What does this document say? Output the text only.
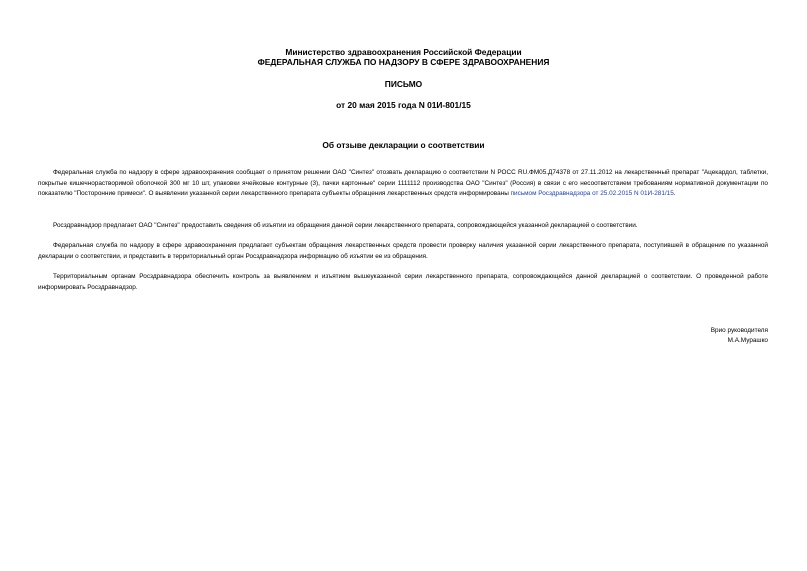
Министерство здравоохранения Российской Федерации
ФЕДЕРАЛЬНАЯ СЛУЖБА ПО НАДЗОРУ В СФЕРЕ ЗДРАВООХРАНЕНИЯ
ПИСЬМО
от 20 мая 2015 года N 01И-801/15
Об отзыве декларации о соответствии
Федеральная служба по надзору в сфере здравоохранения сообщает о принятом решении ОАО "Синтез" отозвать декларацию о соответствии N РОСС RU.ФМ05.Д74378 от 27.11.2012 на лекарственный препарат "Ацекардол, таблетки, покрытые кишечнорастворимой оболочкой 300 мг 10 шт, упаковки ячейковые контурные (3), пачки картонные" серии 1111112 производства ОАО "Синтез" (Россия) в связи с его несоответствием требованиям нормативной документации по показателю "Посторонние примеси". О выявлении указанной серии лекарственного препарата субъекты обращения лекарственных средств информированы письмом Росздравнадзора от 25.02.2015 N 01И-281/15.
Росздравнадзор предлагает ОАО "Синтез" предоставить сведения об изъятии из обращения данной серии лекарственного препарата, сопровождающейся указанной декларацией о соответствии.
Федеральная служба по надзору в сфере здравоохранения предлагает субъектам обращения лекарственных средств провести проверку наличия указанной серии лекарственного препарата, поступившей в обращение по указанной декларации о соответствии, и представить в территориальный орган Росздравнадзора информацию об изъятии ее из обращения.
Территориальным органам Росздравнадзора обеспечить контроль за выявлением и изъятием вышеуказанной серии лекарственного препарата, сопровождающейся данной декларацией о соответствии. О проведенной работе информировать Росздравнадзор.
Врио руководителя
М.А.Мурашко
